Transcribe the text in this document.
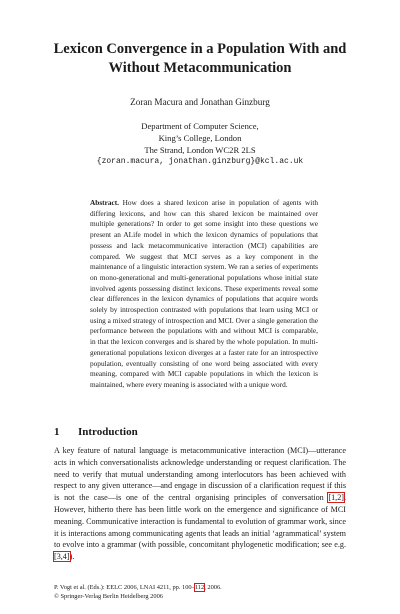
Lexicon Convergence in a Population With and
Without Metacommunication
Zoran Macura and Jonathan Ginzburg
Department of Computer Science,
King’s College, London
The Strand, London WC2R 2LS
{zoran.macura, jonathan.ginzburg}@kcl.ac.uk

Abstract. How does a shared lexicon arise in population of agents with differing lexicons, and how can this shared lexicon be maintained over multiple generations? In order to get some insight into these questions we present an ALife model in which the lexicon dynamics of populations that possess and lack metacommunicative interaction (MCI) capabilities are compared. We suggest that MCI serves as a key component in the maintenance of a linguistic interaction system. We ran a series of experiments on mono-generational and multi-generational populations whose initial state involved agents possessing distinct lexicons. These experiments reveal some clear differences in the lexicon dynamics of populations that acquire words solely by introspection contrasted with populations that learn using MCI or using a mixed strategy of introspection and MCI. Over a single generation the performance between the populations with and without MCI is comparable, in that the lexicon converges and is shared by the whole population. In multi-generational populations lexicon diverges at a faster rate for an introspective population, eventually consisting of one word being associated with every meaning, compared with MCI capable populations in which the lexicon is maintained, where every meaning is associated with a unique word.

1 Introduction

A key feature of natural language is metacommunicative interaction (MCI)—utterance acts in which conversationalists acknowledge understanding or request clarification. The need to verify that mutual understanding among interlocutors has been achieved with respect to any given utterance—and engage in discussion of a clarification request if this is not the case—is one of the central organising principles of conversation [1,2]. However, hitherto there has been little work on the emergence and significance of MCI meaning. Communicative interaction is fundamental to evolution of grammar work, since it is interactions among communicating agents that leads an initial ‘agrammatical’ system to evolve into a grammar (with possible, concomitant phylogenetic modification; see e.g. [3,4]).

P. Vogt et al. (Eds.): EELC 2006, LNAI 4211, pp. 100–112, 2006.
© Springer-Verlag Berlin Heidelberg 2006
